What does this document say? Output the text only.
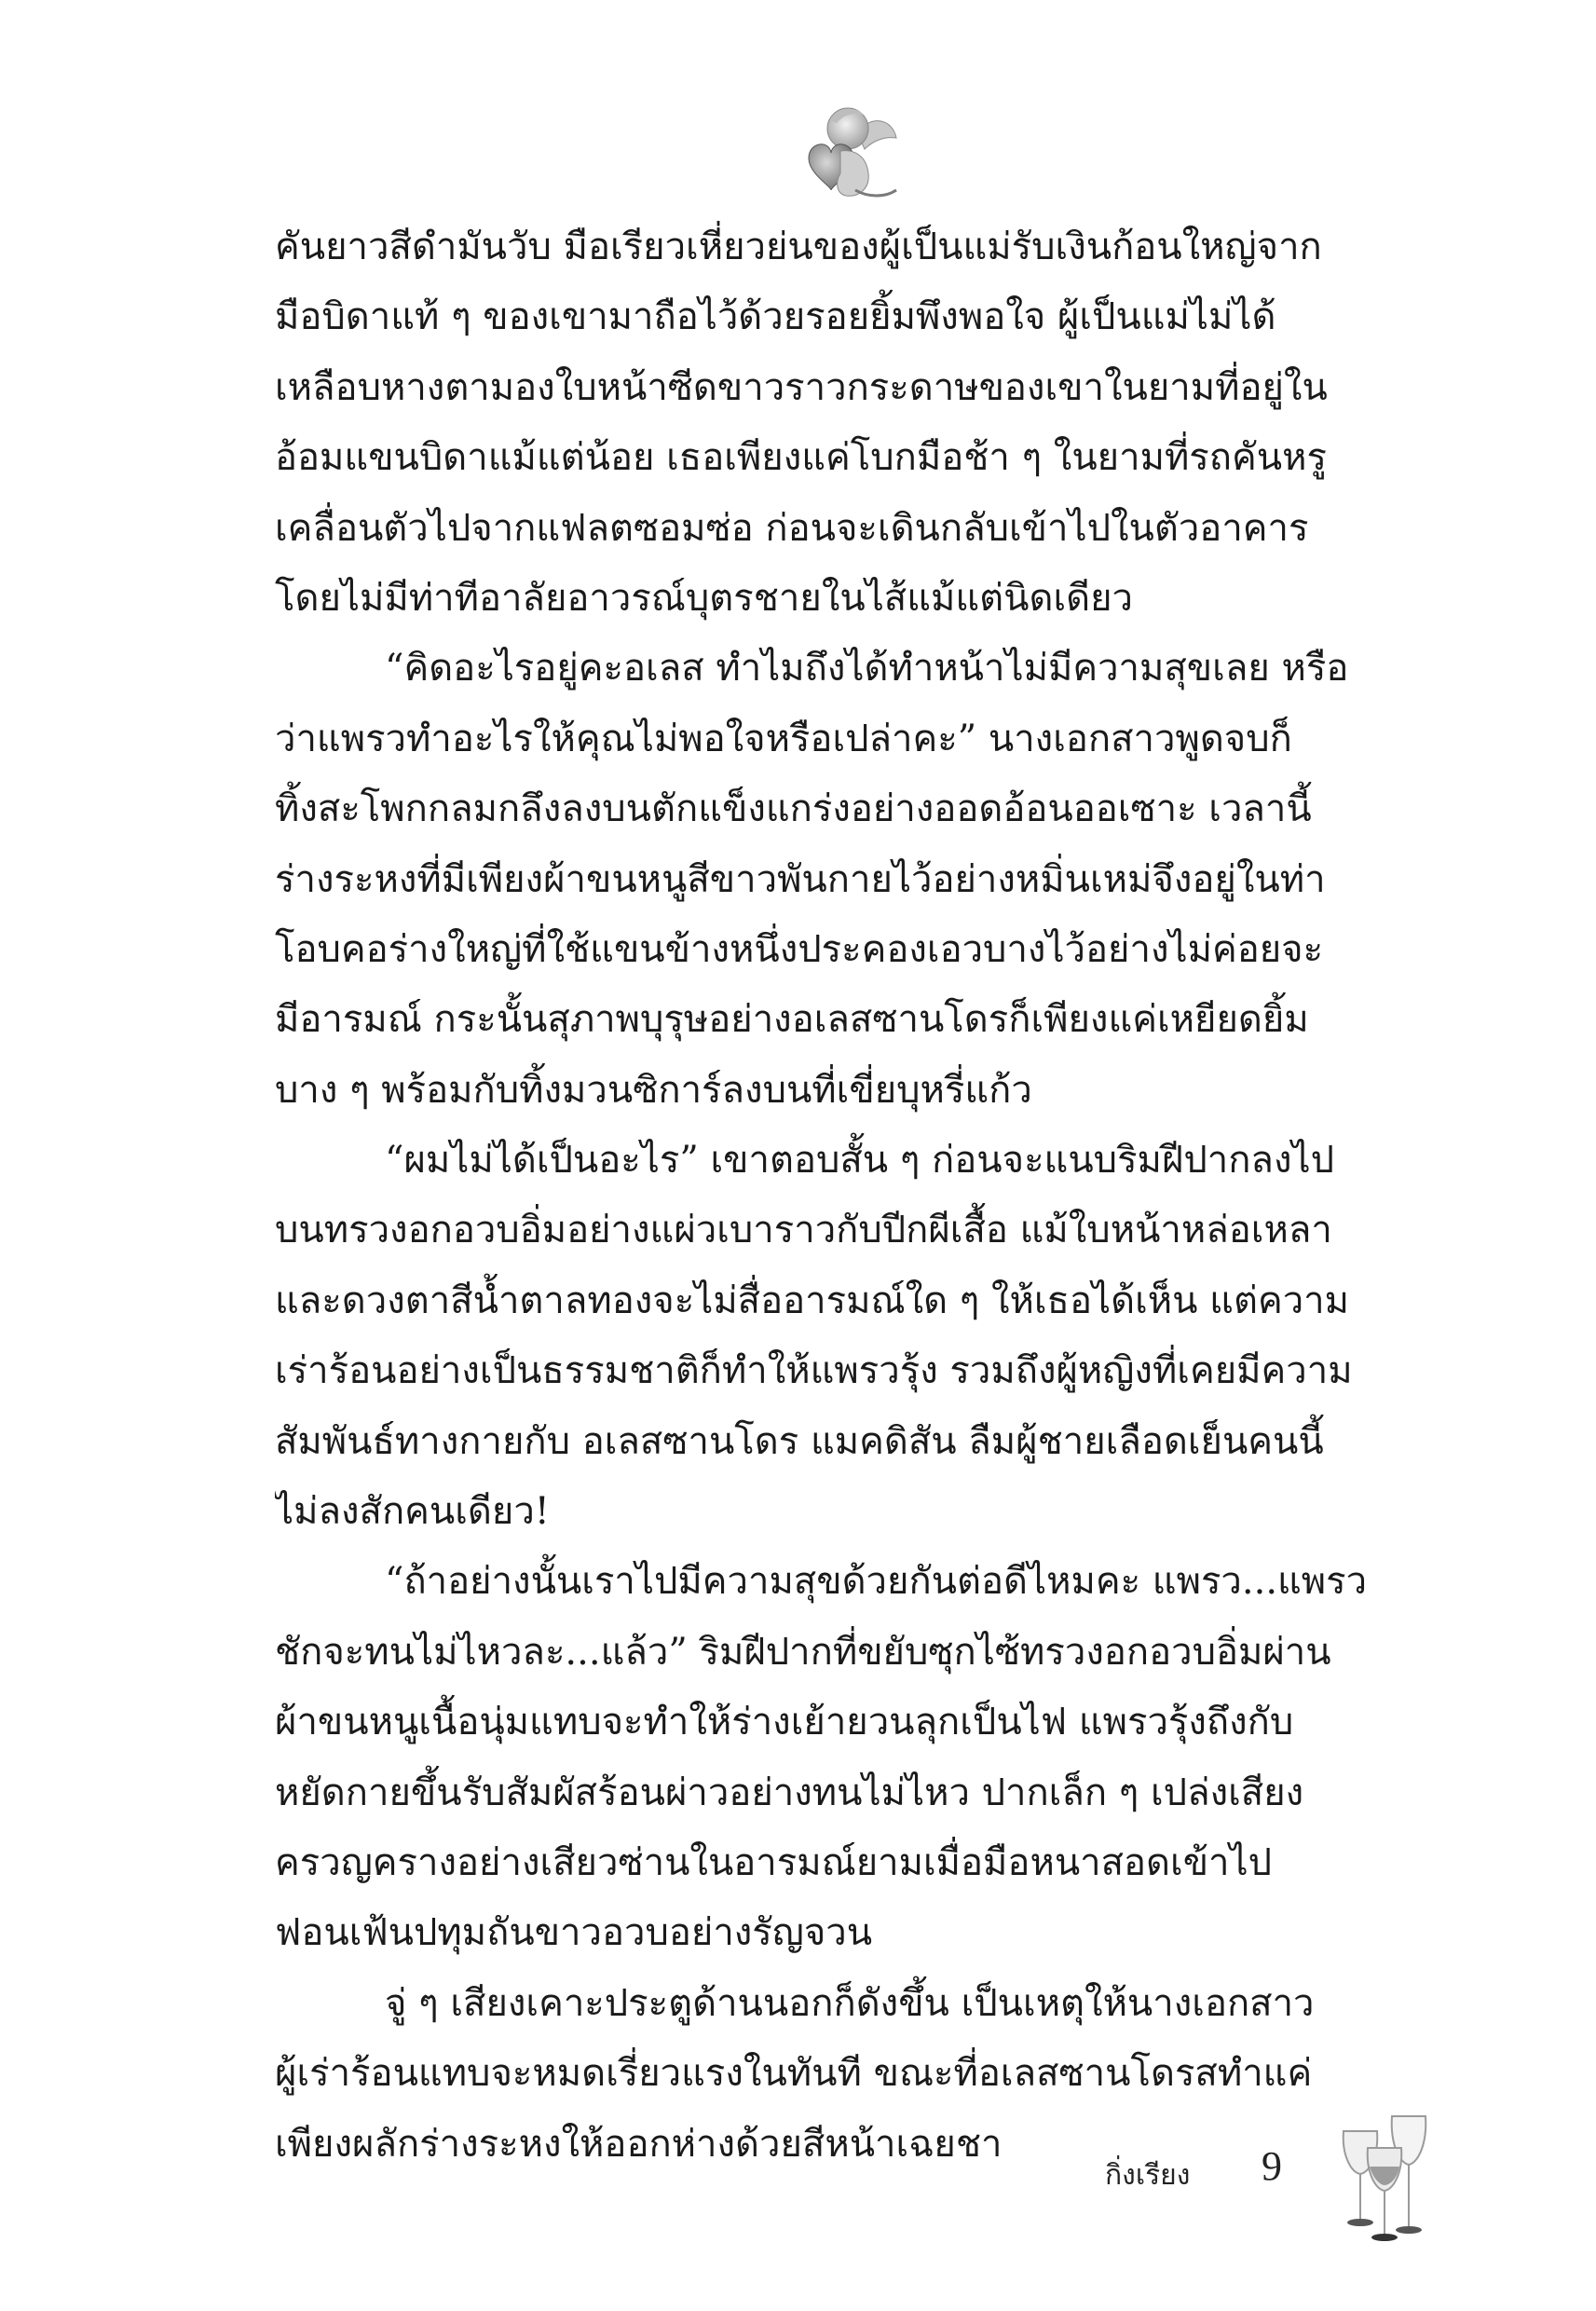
คันยาวสีดำมันวับ มือเรียวเหี่ยวย่นของผู้เป็นแม่รับเงินก้อนใหญ่จาก
มือบิดาแท้ ๆ ของเขามาถือไว้ด้วยรอยยิ้มพึงพอใจ ผู้เป็นแม่ไม่ได้
เหลือบหางตามองใบหน้าซีดขาวราวกระดาษของเขาในยามที่อยู่ใน
อ้อมแขนบิดาแม้แต่น้อย เธอเพียงแค่โบกมือช้า ๆ ในยามที่รถคันหรู
เคลื่อนตัวไปจากแฟลตซอมซ่อ ก่อนจะเดินกลับเข้าไปในตัวอาคาร
โดยไม่มีท่าทีอาลัยอาวรณ์บุตรชายในไส้แม้แต่นิดเดียว
“คิดอะไรอยู่คะอเลส ทำไมถึงได้ทำหน้าไม่มีความสุขเลย หรือ
ว่าแพรวทำอะไรให้คุณไม่พอใจหรือเปล่าคะ” นางเอกสาวพูดจบก็
ทิ้งสะโพกกลมกลึงลงบนตักแข็งแกร่งอย่างออดอ้อนออเซาะ เวลานี้
ร่างระหงที่มีเพียงผ้าขนหนูสีขาวพันกายไว้อย่างหมิ่นเหม่จึงอยู่ในท่า
โอบคอร่างใหญ่ที่ใช้แขนข้างหนึ่งประคองเอวบางไว้อย่างไม่ค่อยจะ
มีอารมณ์ กระนั้นสุภาพบุรุษอย่างอเลสซานโดรก็เพียงแค่เหยียดยิ้ม
บาง ๆ พร้อมกับทิ้งมวนซิการ์ลงบนที่เขี่ยบุหรี่แก้ว
“ผมไม่ได้เป็นอะไร” เขาตอบสั้น ๆ ก่อนจะแนบริมฝีปากลงไป
บนทรวงอกอวบอิ่มอย่างแผ่วเบาราวกับปีกผีเสื้อ แม้ใบหน้าหล่อเหลา
และดวงตาสีน้ำตาลทองจะไม่สื่ออารมณ์ใด ๆ ให้เธอได้เห็น แต่ความ
เร่าร้อนอย่างเป็นธรรมชาติก็ทำให้แพรวรุ้ง รวมถึงผู้หญิงที่เคยมีความ
สัมพันธ์ทางกายกับ อเลสซานโดร แมคดิสัน ลืมผู้ชายเลือดเย็นคนนี้
ไม่ลงสักคนเดียว!
“ถ้าอย่างนั้นเราไปมีความสุขด้วยกันต่อดีไหมคะ แพรว...แพรว
ชักจะทนไม่ไหวละ...แล้ว” ริมฝีปากที่ขยับซุกไซ้ทรวงอกอวบอิ่มผ่าน
ผ้าขนหนูเนื้อนุ่มแทบจะทำให้ร่างเย้ายวนลุกเป็นไฟ แพรวรุ้งถึงกับ
หยัดกายขึ้นรับสัมผัสร้อนผ่าวอย่างทนไม่ไหว ปากเล็ก ๆ เปล่งเสียง
ครวญครางอย่างเสียวซ่านในอารมณ์ยามเมื่อมือหนาสอดเข้าไป
ฟอนเฟ้นปทุมถันขาวอวบอย่างรัญจวน
จู่ ๆ เสียงเคาะประตูด้านนอกก็ดังขึ้น เป็นเหตุให้นางเอกสาว
ผู้เร่าร้อนแทบจะหมดเรี่ยวแรงในทันที ขณะที่อเลสซานโดรสทำแค่
เพียงผลักร่างระหงให้ออกห่างด้วยสีหน้าเฉยชา
กิ่งเรียง 9
